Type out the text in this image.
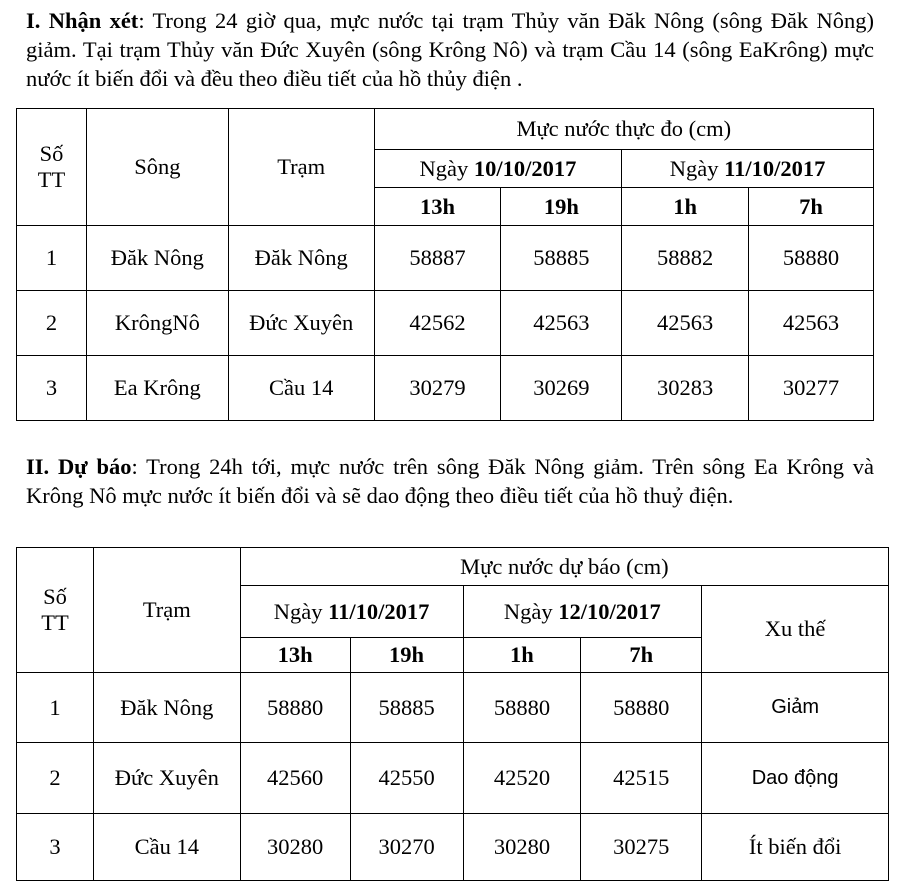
I. Nhận xét: Trong 24 giờ qua, mực nước tại trạm Thủy văn Đăk Nông (sông Đăk Nông) giảm. Tại trạm Thủy văn Đức Xuyên (sông Krông Nô) và trạm Cầu 14 (sông EaKrông) mực nước ít biến đổi và đều theo điều tiết của hồ thủy điện .
Số TT	Sông	Trạm	Mực nước thực đo (cm)			
			Ngày 10/10/2017		Ngày 11/10/2017	
			13h	19h	1h	7h
1	Đăk Nông	Đăk Nông	58887	58885	58882	58880
2	KrôngNô	Đức Xuyên	42562	42563	42563	42563
3	Ea Krông	Cầu 14	30279	30269	30283	30277
II. Dự báo: Trong 24h tới, mực nước trên sông Đăk Nông giảm. Trên sông Ea Krông và Krông Nô mực nước ít biến đổi và sẽ dao động theo điều tiết của hồ thuỷ điện.
Số TT	Trạm	Mực nước dự báo (cm)				
		Ngày 11/10/2017		Ngày 12/10/2017		Xu thế
		13h	19h	1h	7h	
1	Đăk Nông	58880	58885	58880	58880	Giảm
2	Đức Xuyên	42560	42550	42520	42515	Dao động
3	Cầu 14	30280	30270	30280	30275	Ít biến đổi
